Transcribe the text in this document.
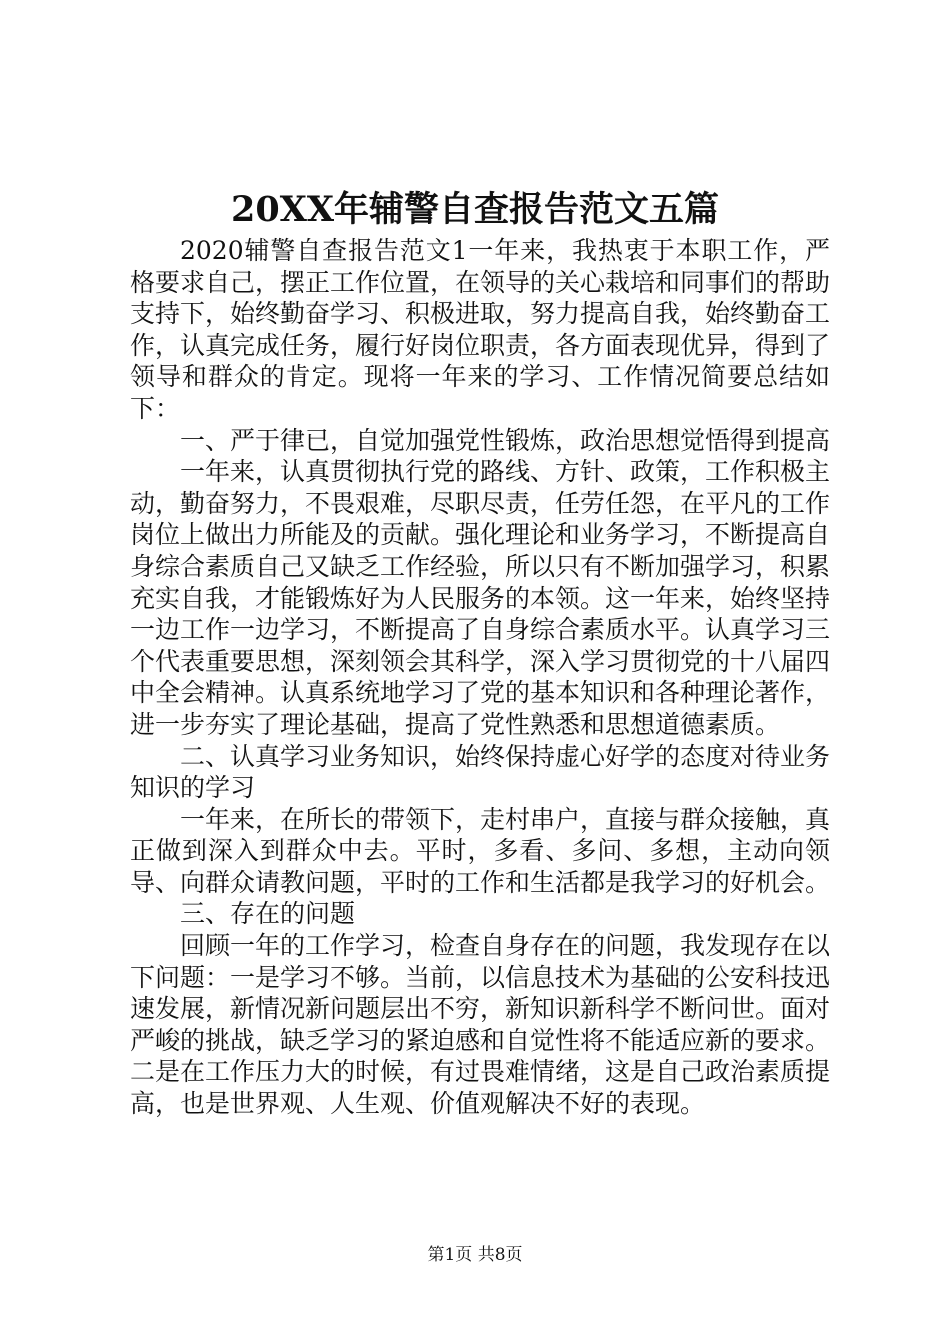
20XX年辅警自查报告范文五篇

2020辅警自查报告范文1一年来，我热衷于本职工作，严格要求自己，摆正工作位置，在领导的关心栽培和同事们的帮助支持下，始终勤奋学习、积极进取，努力提高自我，始终勤奋工作，认真完成任务，履行好岗位职责，各方面表现优异，得到了领导和群众的肯定。现将一年来的学习、工作情况简要总结如下：

一、严于律已，自觉加强党性锻炼，政治思想觉悟得到提高

一年来，认真贯彻执行党的路线、方针、政策，工作积极主动，勤奋努力，不畏艰难，尽职尽责，任劳任怨，在平凡的工作岗位上做出力所能及的贡献。强化理论和业务学习，不断提高自身综合素质自己又缺乏工作经验，所以只有不断加强学习，积累充实自我，才能锻炼好为人民服务的本领。这一年来，始终坚持一边工作一边学习，不断提高了自身综合素质水平。认真学习三个代表重要思想，深刻领会其科学，深入学习贯彻党的十八届四中全会精神。认真系统地学习了党的基本知识和各种理论著作，进一步夯实了理论基础，提高了党性熟悉和思想道德素质。

二、认真学习业务知识，始终保持虚心好学的态度对待业务知识的学习

一年来，在所长的带领下，走村串户，直接与群众接触，真正做到深入到群众中去。平时，多看、多问、多想，主动向领导、向群众请教问题，平时的工作和生活都是我学习的好机会。

三、存在的问题

回顾一年的工作学习，检查自身存在的问题，我发现存在以下问题：一是学习不够。当前，以信息技术为基础的公安科技迅速发展，新情况新问题层出不穷，新知识新科学不断问世。面对严峻的挑战，缺乏学习的紧迫感和自觉性将不能适应新的要求。二是在工作压力大的时候，有过畏难情绪，这是自己政治素质提高，也是世界观、人生观、价值观解决不好的表现。

第1页 共8页
